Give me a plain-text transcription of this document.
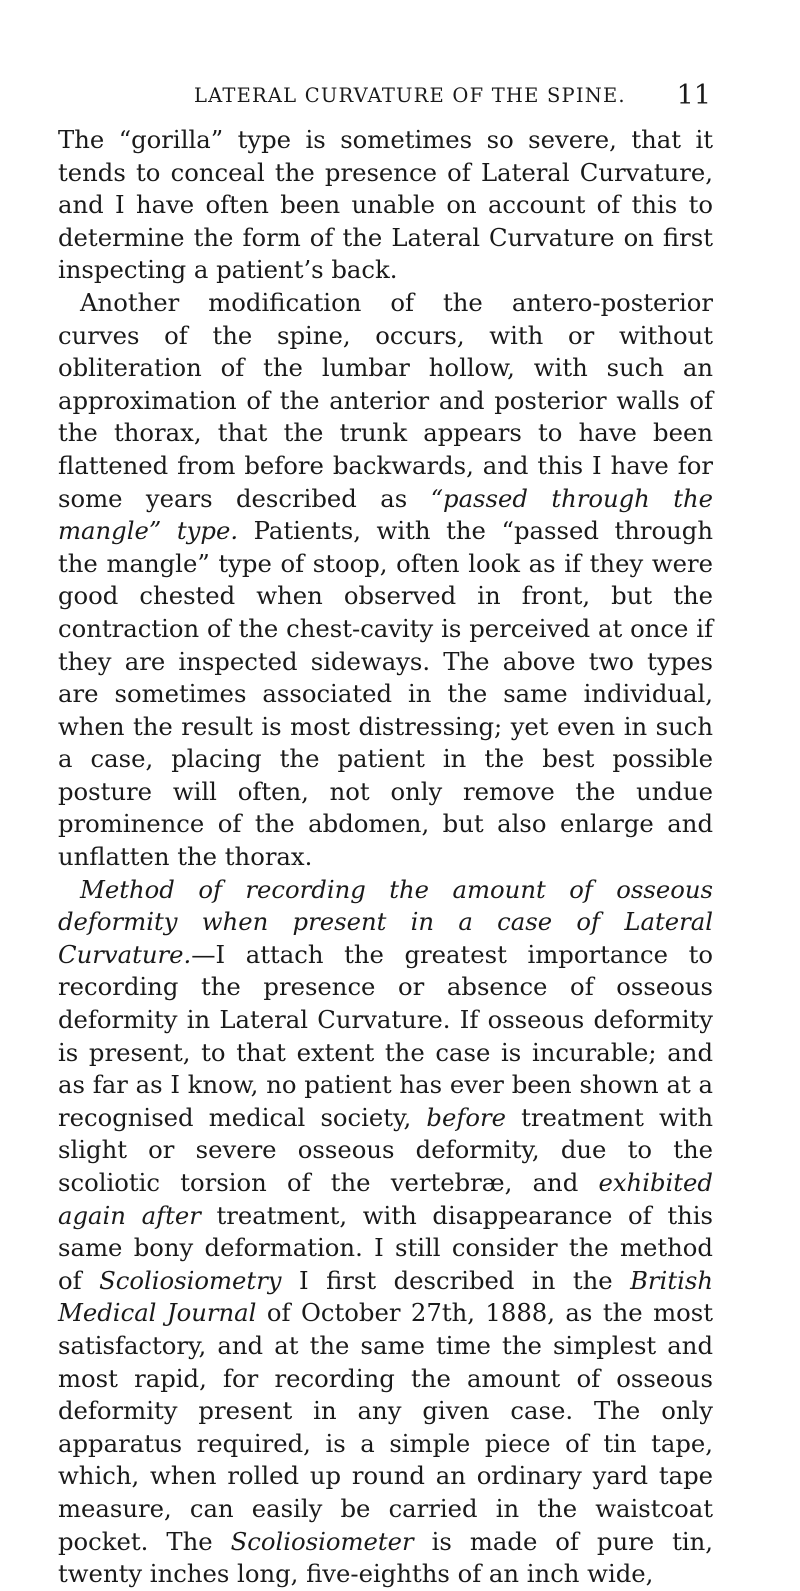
LATERAL CURVATURE OF THE SPINE. 11

The “gorilla” type is sometimes so severe, that it tends to conceal the presence of Lateral Curvature, and I have often been unable on account of this to determine the form of the Lateral Curvature on first inspecting a patient’s back.

Another modification of the antero-posterior curves of the spine, occurs, with or without obliteration of the lumbar hollow, with such an approximation of the anterior and posterior walls of the thorax, that the trunk appears to have been flattened from before backwards, and this I have for some years described as “passed through the mangle” type. Patients, with the “passed through the mangle” type of stoop, often look as if they were good chested when observed in front, but the contraction of the chest-cavity is perceived at once if they are inspected sideways. The above two types are sometimes associated in the same individual, when the result is most distressing; yet even in such a case, placing the patient in the best possible posture will often, not only remove the undue prominence of the abdomen, but also enlarge and unflatten the thorax.

Method of recording the amount of osseous deformity when present in a case of Lateral Curvature.—I attach the greatest importance to recording the presence or absence of osseous deformity in Lateral Curvature. If osseous deformity is present, to that extent the case is incurable; and as far as I know, no patient has ever been shown at a recognised medical society, before treatment with slight or severe osseous deformity, due to the scoliotic torsion of the vertebræ, and exhibited again after treatment, with disappearance of this same bony deformation. I still consider the method of Scoliosiometry I first described in the British Medical Journal of October 27th, 1888, as the most satisfactory, and at the same time the simplest and most rapid, for recording the amount of osseous deformity present in any given case. The only apparatus required, is a simple piece of tin tape, which, when rolled up round an ordinary yard tape measure, can easily be carried in the waistcoat pocket. The Scoliosiometer is made of pure tin, twenty inches long, five-eighths of an inch wide,
